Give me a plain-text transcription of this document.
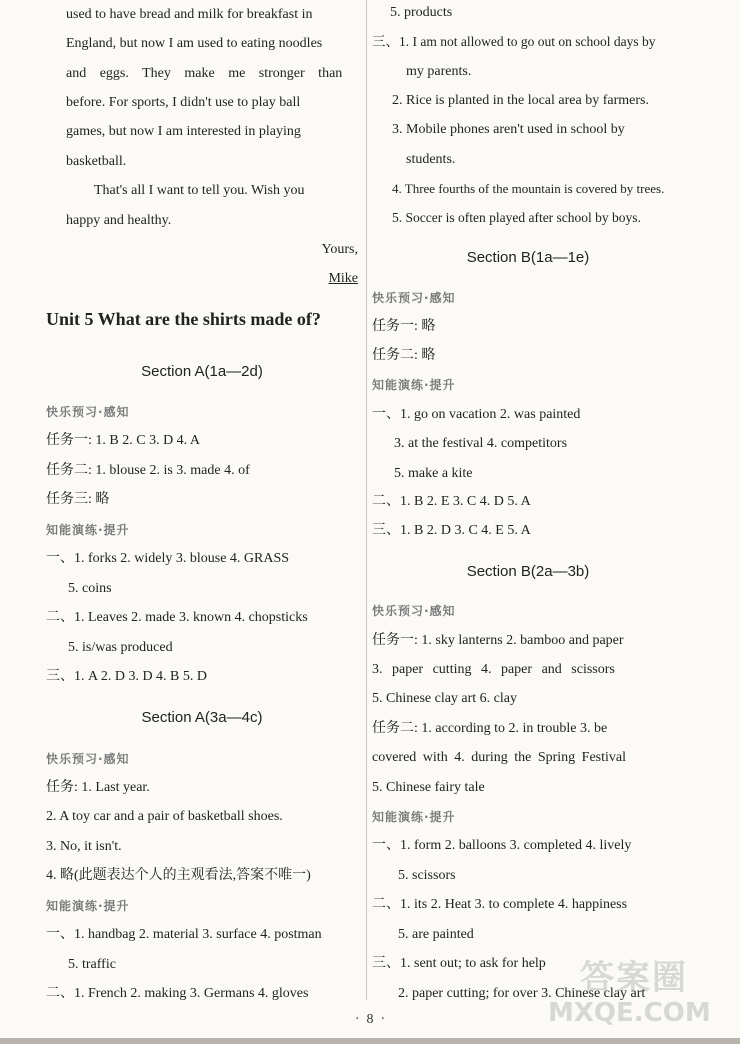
used to have bread and milk for breakfast in
England, but now I am used to eating noodles
and eggs. They make me stronger than
before. For sports, I didn't use to play ball
games, but now I am interested in playing
basketball.
That's all I want to tell you. Wish you
happy and healthy.
Yours,
Mike
Unit 5 What are the shirts made of?
Section A(1a—2d)
快乐预习·感知
任务一: 1. B 2. C 3. D 4. A
任务二: 1. blouse 2. is 3. made 4. of
任务三: 略
知能演练·提升
一、1. forks 2. widely 3. blouse 4. GRASS
5. coins
二、1. Leaves 2. made 3. known 4. chopsticks
5. is/was produced
三、1. A 2. D 3. D 4. B 5. D
Section A(3a—4c)
快乐预习·感知
任务: 1. Last year.
2. A toy car and a pair of basketball shoes.
3. No, it isn't.
4. 略(此题表达个人的主观看法,答案不唯一)
知能演练·提升
一、1. handbag 2. material 3. surface 4. postman
5. traffic
二、1. French 2. making 3. Germans 4. gloves
5. products
三、1. I am not allowed to go out on school days by
my parents.
2. Rice is planted in the local area by farmers.
3. Mobile phones aren't used in school by
students.
4. Three fourths of the mountain is covered by trees.
5. Soccer is often played after school by boys.
Section B(1a—1e)
快乐预习·感知
任务一: 略
任务二: 略
知能演练·提升
一、1. go on vacation 2. was painted
3. at the festival 4. competitors
5. make a kite
二、1. B 2. E 3. C 4. D 5. A
三、1. B 2. D 3. C 4. E 5. A
Section B(2a—3b)
快乐预习·感知
任务一: 1. sky lanterns 2. bamboo and paper
3. paper cutting 4. paper and scissors
5. Chinese clay art 6. clay
任务二: 1. according to 2. in trouble 3. be
covered with 4. during the Spring Festival
5. Chinese fairy tale
知能演练·提升
一、1. form 2. balloons 3. completed 4. lively
5. scissors
二、1. its 2. Heat 3. to complete 4. happiness
5. are painted
三、1. sent out; to ask for help
2. paper cutting; for over 3. Chinese clay art
·  8  ·
答案圈
MXQE.COM
